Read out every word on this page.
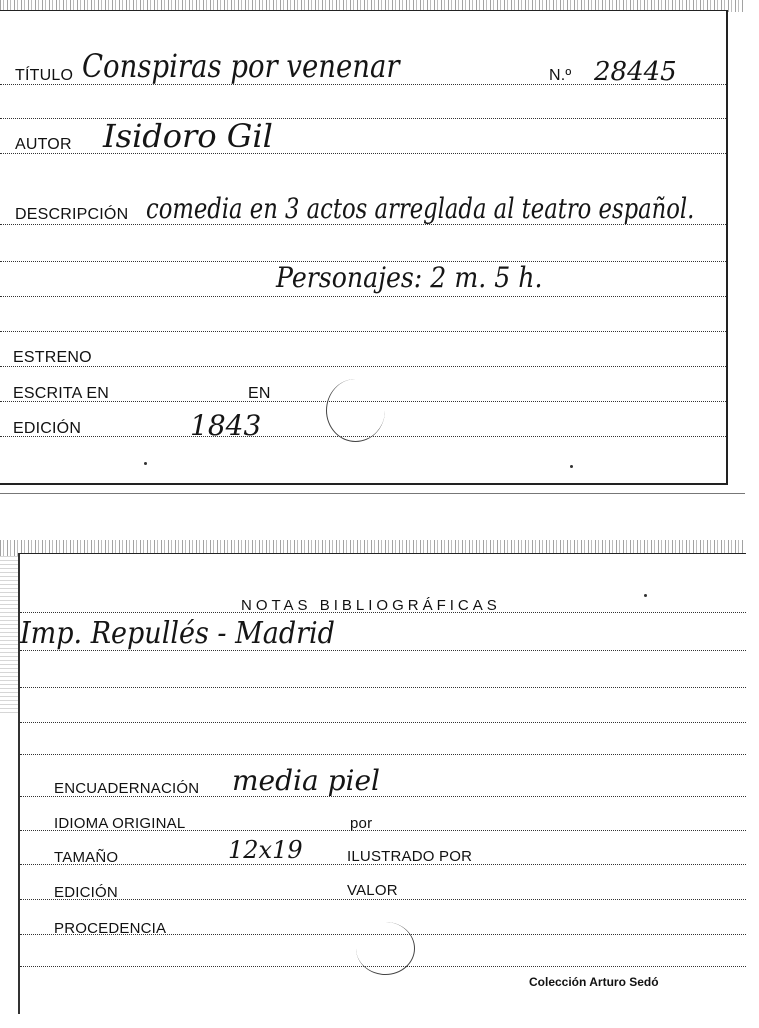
TÍTULO Conspiras por venenar	N.º 28445
AUTOR Isidoro Gil
DESCRIPCIÓN comedia en 3 actos arreglada al teatro español.
Personajes: 2 m. 5 h.
ESTRENO
ESCRITA EN	EN
EDICIÓN	1843
NOTAS BIBLIOGRÁFICAS
Imp. Repullés - Madrid
ENCUADERNACIÓN media piel
IDIOMA ORIGINAL	por
TAMAÑO	12x19	ILUSTRADO POR
EDICIÓN	VALOR
PROCEDENCIA
Colección Arturo Sedó
